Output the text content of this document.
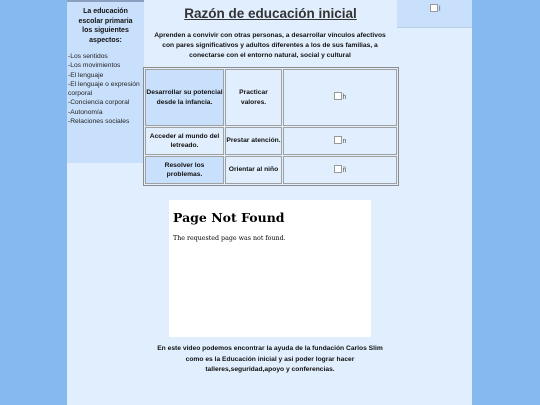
La educación escolar primaria los siguientes aspectos:
-Los sentidos
-Los movimientos
-El lenguaje
-El lenguaje o expresión corporal
-Conciencia corporal
-Autonomía
-Relaciones sociales
l
Razón de educación inicial
Aprenden a convivir con otras personas, a desarrollar vínculos afectivos con pares significativos y adultos diferentes a los de sus familias, a conectarse con el entorno natural, social y cultural
Desarrollar su potencial desde la infancia.	Practicar valores.	h
Acceder al mundo del letreado.	Prestar atención.	n
Resolver los problemas.	Orientar al niño	ñ
Page Not Found

The requested page was not found.

En este video podemos encontrar la ayuda de la fundación Carlos Slim como es la Educación inicial y asi poder lograr hacer talleres,seguridad,apoyo y conferencias.
